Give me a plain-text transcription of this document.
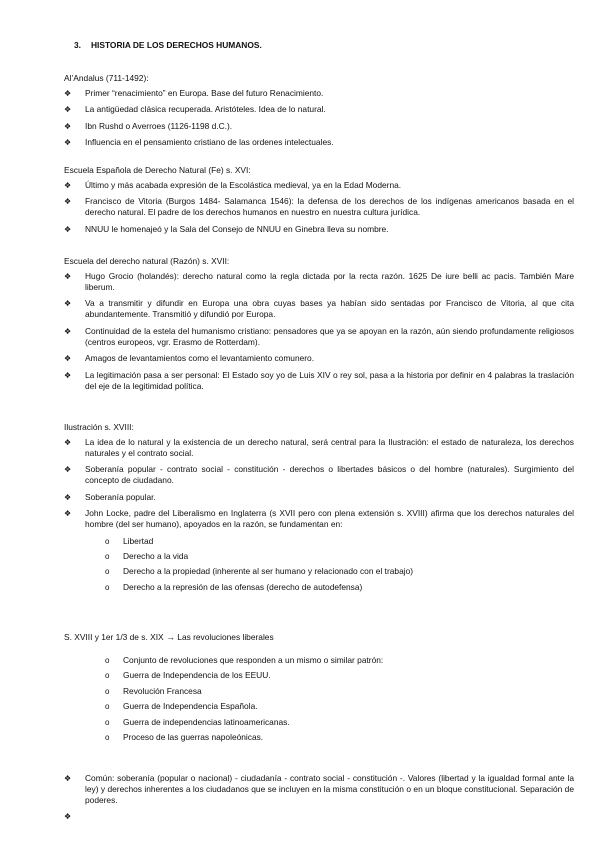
3. HISTORIA DE LOS DERECHOS HUMANOS.
Al’Andalus (711-1492):
❖ Primer “renacimiento” en Europa. Base del futuro Renacimiento.
❖ La antigüedad clásica recuperada. Aristóteles. Idea de lo natural.
❖ Ibn Rushd o Averroes (1126-1198 d.C.).
❖ Influencia en el pensamiento cristiano de las ordenes intelectuales.
Escuela Española de Derecho Natural (Fe) s. XVI:
❖ Último y más acabada expresión de la Escolástica medieval, ya en la Edad Moderna.
❖ Francisco de Vitoria (Burgos 1484- Salamanca 1546): la defensa de los derechos de los indígenas americanos basada en el derecho natural. El padre de los derechos humanos en nuestro en nuestra cultura jurídica.
❖ NNUU le homenajeó y la Sala del Consejo de NNUU en Ginebra lleva su nombre.
Escuela del derecho natural (Razón) s. XVII:
❖ Hugo Grocio (holandés): derecho natural como la regla dictada por la recta razón. 1625 De iure belli ac pacis. También Mare liberum.
❖ Va a transmitir y difundir en Europa una obra cuyas bases ya habían sido sentadas por Francisco de Vitoria, al que cita abundantemente. Transmitió y difundió por Europa.
❖ Continuidad de la estela del humanismo cristiano: pensadores que ya se apoyan en la razón, aún siendo profundamente religiosos (centros europeos, vgr. Erasmo de Rotterdam).
❖ Amagos de levantamientos como el levantamiento comunero.
❖ La legitimación pasa a ser personal: El Estado soy yo de Luis XIV o rey sol, pasa a la historia por definir en 4 palabras la traslación del eje de la legitimidad política.
Ilustración s. XVIII:
❖ La idea de lo natural y la existencia de un derecho natural, será central para la Ilustración: el estado de naturaleza, los derechos naturales y el contrato social.
❖ Soberanía popular - contrato social - constitución - derechos o libertades básicos o del hombre (naturales). Surgimiento del concepto de ciudadano.
❖ Soberanía popular.
❖ John Locke, padre del Liberalismo en Inglaterra (s XVII pero con plena extensión s. XVIII) afirma que los derechos naturales del hombre (del ser humano), apoyados en la razón, se fundamentan en:
o Libertad
o Derecho a la vida
o Derecho a la propiedad (inherente al ser humano y relacionado con el trabajo)
o Derecho a la represión de las ofensas (derecho de autodefensa)
S. XVIII y 1er 1/3 de s. XIX → Las revoluciones liberales
o Conjunto de revoluciones que responden a un mismo o similar patrón:
o Guerra de Independencia de los EEUU.
o Revolución Francesa
o Guerra de Independencia Española.
o Guerra de independencias latinoamericanas.
o Proceso de las guerras napoleónicas.
❖ Común: soberanía (popular o nacional) - ciudadanía - contrato social - constitución -. Valores (libertad y la igualdad formal ante la ley) y derechos inherentes a los ciudadanos que se incluyen en la misma constitución o en un bloque constitucional. Separación de poderes.
❖
